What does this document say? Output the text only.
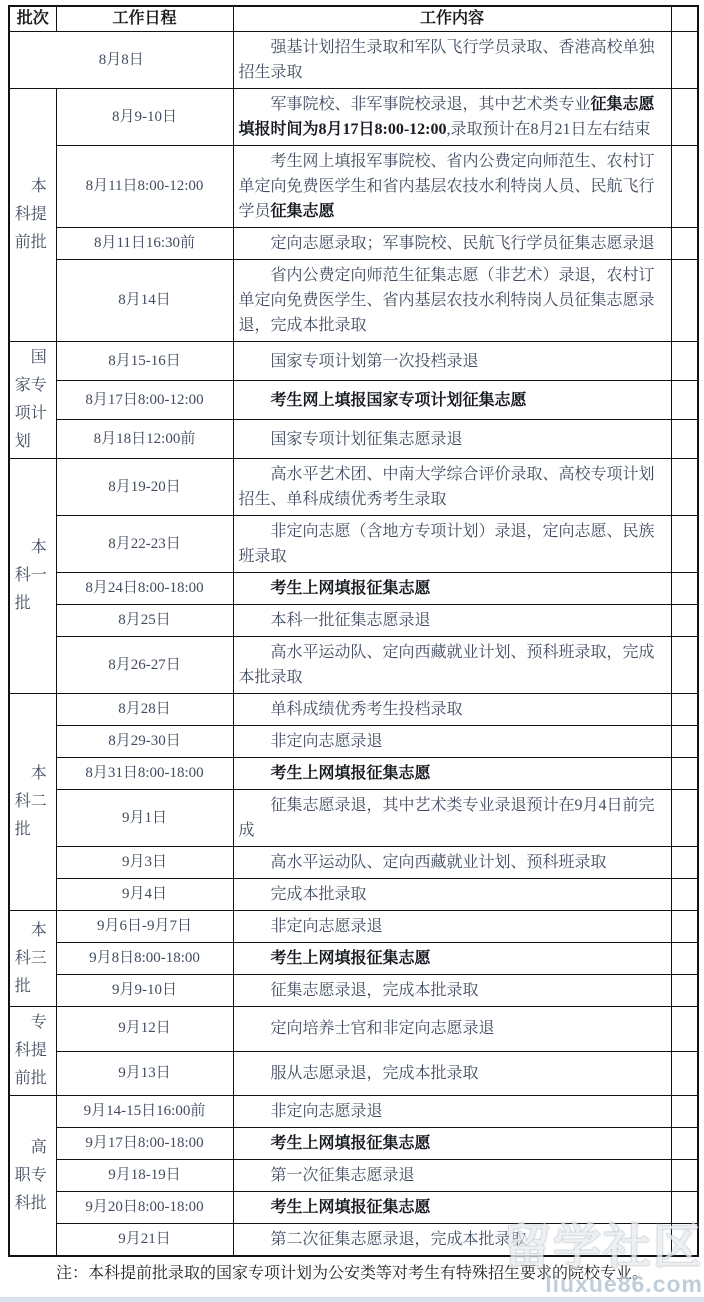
批次	工作日程	工作内容	
8月8日		强基计划招生录取和军队飞行学员录取、香港高校单独招生录取	

本科提前批	8月9-10日	军事院校、非军事院校录退，其中艺术类专业征集志愿填报时间为8月17日8:00-12:00,录取预计在8月21日左右结束	
	8月11日8:00-12:00	考生网上填报军事院校、省内公费定向师范生、农村订单定向免费医学生和省内基层农技水利特岗人员、民航飞行学员征集志愿	
	8月11日16:30前	定向志愿录取；军事院校、民航飞行学员征集志愿录退	
	8月14日	省内公费定向师范生征集志愿（非艺术）录退，农村订单定向免费医学生、省内基层农技水利特岗人员征集志愿录退，完成本批录取	

国家专项计划	8月15-16日	国家专项计划第一次投档录退	
	8月17日8:00-12:00	考生网上填报国家专项计划征集志愿	
	8月18日12:00前	国家专项计划征集志愿录退	

本科一批	8月19-20日	高水平艺术团、中南大学综合评价录取、高校专项计划招生、单科成绩优秀考生录取	
	8月22-23日	非定向志愿（含地方专项计划）录退，定向志愿、民族班录取	
	8月24日8:00-18:00	考生上网填报征集志愿	
	8月25日	本科一批征集志愿录退	
	8月26-27日	高水平运动队、定向西藏就业计划、预科班录取，完成本批录取	

本科二批	8月28日	单科成绩优秀考生投档录取	
	8月29-30日	非定向志愿录退	
	8月31日8:00-18:00	考生上网填报征集志愿	
	9月1日	征集志愿录退，其中艺术类专业录退预计在9月4日前完成	
	9月3日	高水平运动队、定向西藏就业计划、预科班录取	
	9月4日	完成本批录取	

本科三批	9月6日-9月7日	非定向志愿录退	
	9月8日8:00-18:00	考生上网填报征集志愿	
	9月9-10日	征集志愿录退，完成本批录取	

专科提前批	9月12日	定向培养士官和非定向志愿录退	
	9月13日	服从志愿录退，完成本批录取	

高职专科批	9月14-15日16:00前	非定向志愿录退	
	9月17日8:00-18:00	考生上网填报征集志愿	
	9月18-19日	第一次征集志愿录退	
	9月20日8:00-18:00	考生上网填报征集志愿	
	9月21日	第二次征集志愿录退，完成本批录取	
注：本科提前批录取的国家专项计划为公安类等对考生有特殊招生要求的院校专业。
留学社区
liuxue86.com
